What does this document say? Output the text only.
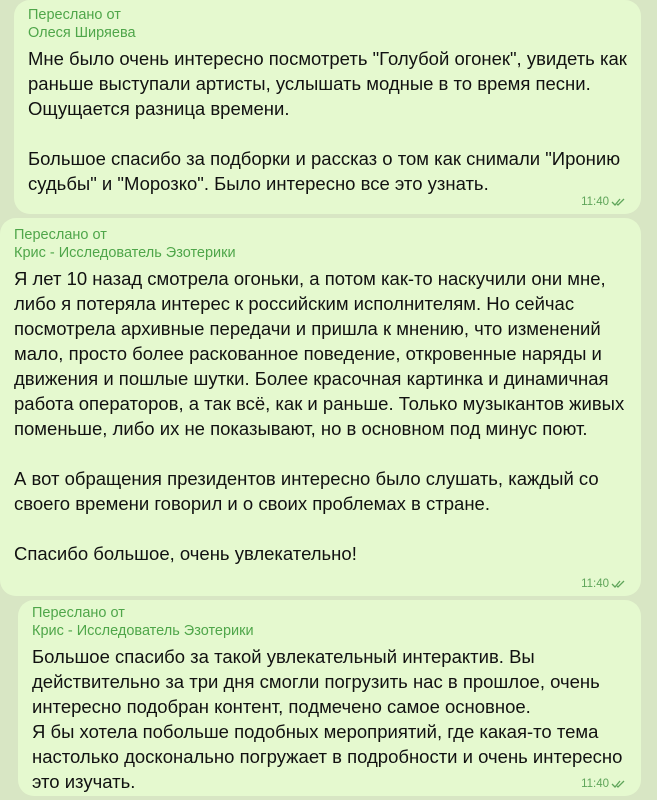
Переслано от
Олеся Ширяева

Мне было очень интересно посмотреть "Голубой огонек", увидеть как раньше выступали артисты, услышать модные в то время песни. Ощущается разница времени.

Большое спасибо за подборки и рассказ о том как снимали "Иронию судьбы" и "Морозко". Было интересно все это узнать.

11:40
Переслано от
Крис - Исследователь Эзотерики

Я лет 10 назад смотрела огоньки, а потом как-то наскучили они мне, либо я потеряла интерес к российским исполнителям. Но сейчас посмотрела архивные передачи и пришла к мнению, что изменений мало, просто более раскованное поведение, откровенные наряды и движения и пошлые шутки. Более красочная картинка и динамичная работа операторов, а так всё, как и раньше. Только музыкантов живых поменьше, либо их не показывают, но в основном под минус поют.

А вот обращения президентов интересно было слушать, каждый со своего времени говорил и о своих проблемах в стране.

Спасибо большое, очень увлекательно!

11:40
Переслано от
Крис - Исследователь Эзотерики

Большое спасибо за такой увлекательный интерактив. Вы действительно за три дня смогли погрузить нас в прошлое, очень интересно подобран контент, подмечено самое основное.
Я бы хотела побольше подобных мероприятий, где какая-то тема настолько досконально погружает в подробности и очень интересно это изучать.	11:40
